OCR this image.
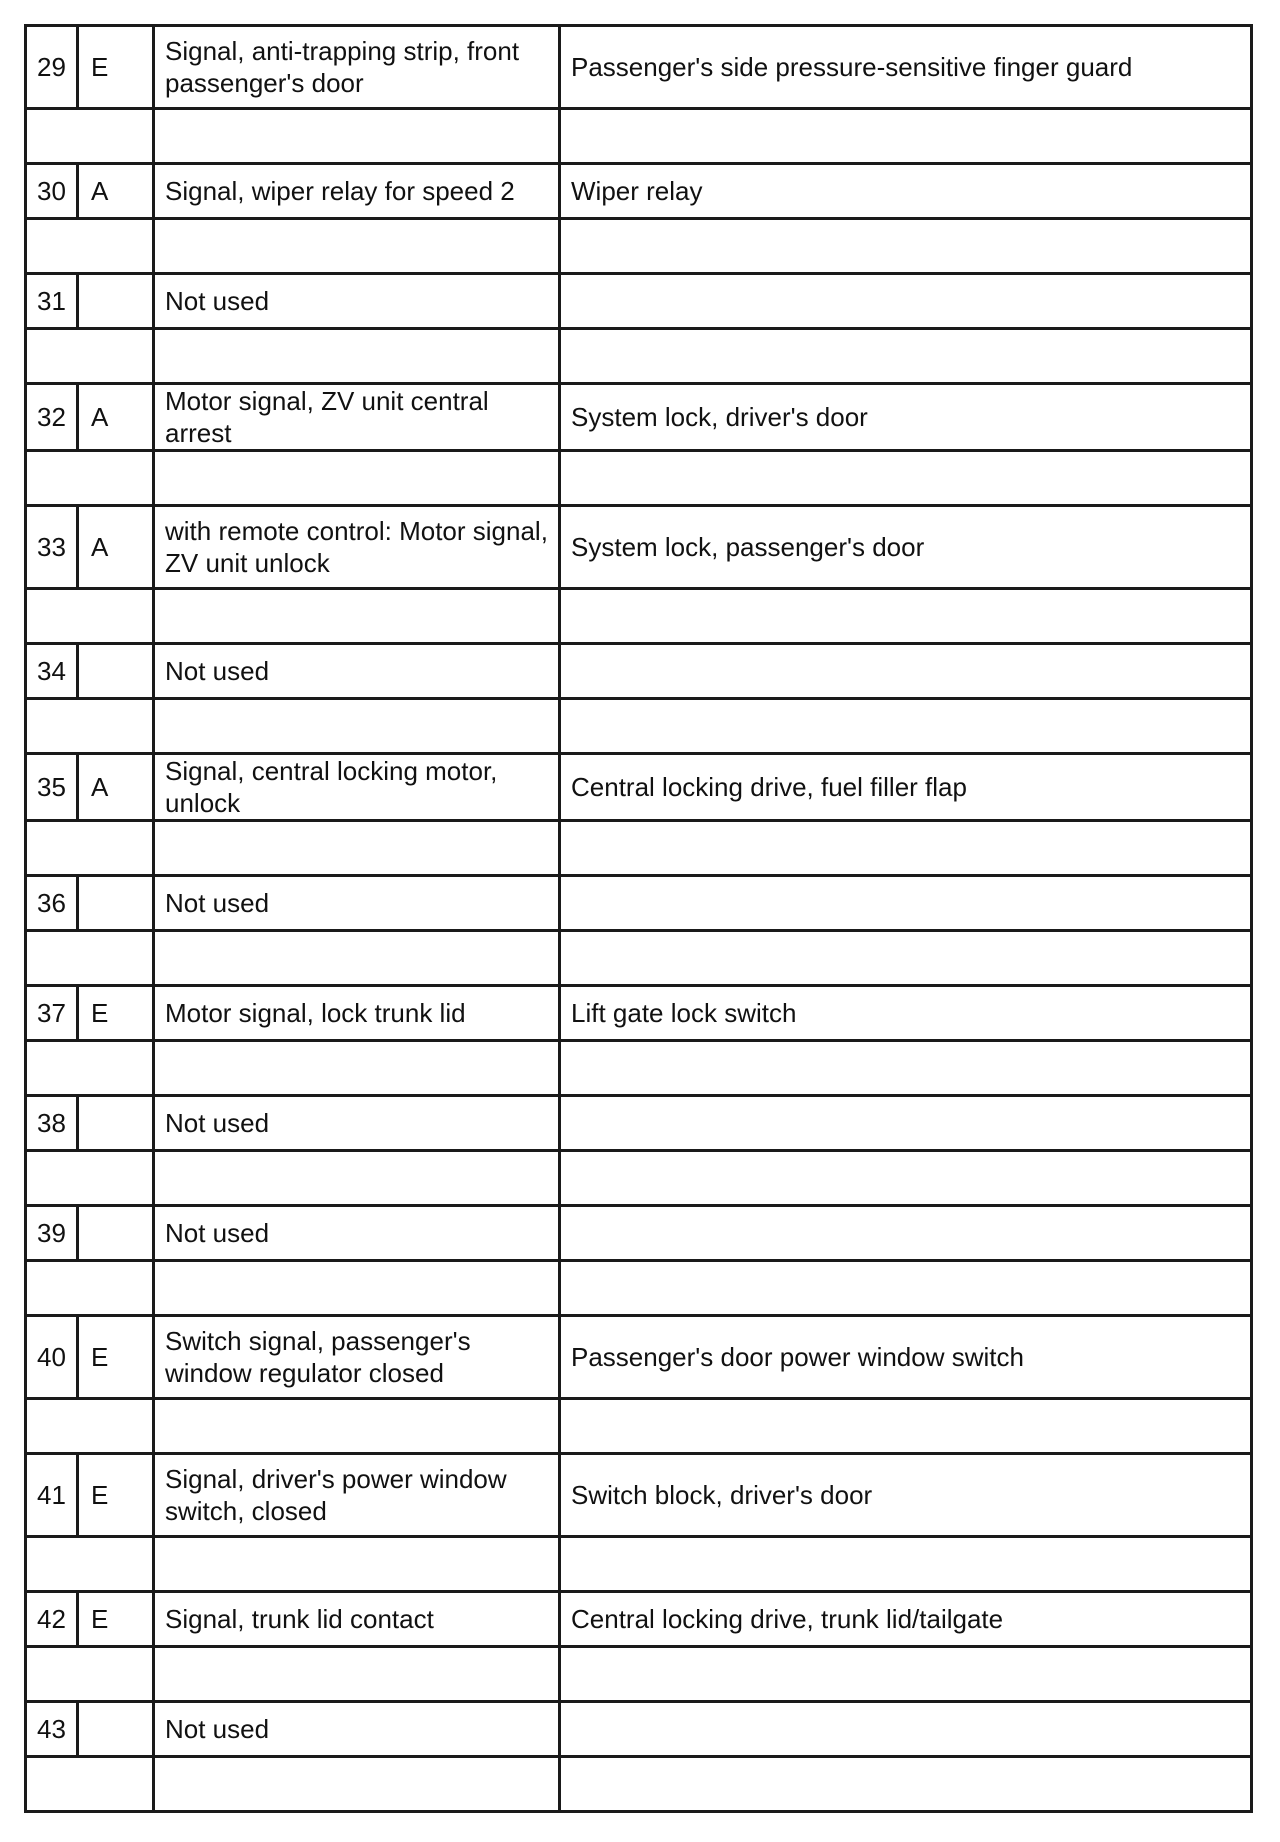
29	E	Signal, anti-trapping strip, front passenger's door	Passenger's side pressure-sensitive finger guard

30	A	Signal, wiper relay for speed 2	Wiper relay

31		Not used	

32	A	Motor signal, ZV unit central arrest	System lock, driver's door

33	A	with remote control: Motor signal, ZV unit unlock	System lock, passenger's door

34		Not used	

35	A	Signal, central locking motor, unlock	Central locking drive, fuel filler flap

36		Not used	

37	E	Motor signal, lock trunk lid	Lift gate lock switch

38		Not used	

39		Not used	

40	E	Switch signal, passenger's window regulator closed	Passenger's door power window switch

41	E	Signal, driver's power window switch, closed	Switch block, driver's door

42	E	Signal, trunk lid contact	Central locking drive, trunk lid/tailgate

43		Not used	
